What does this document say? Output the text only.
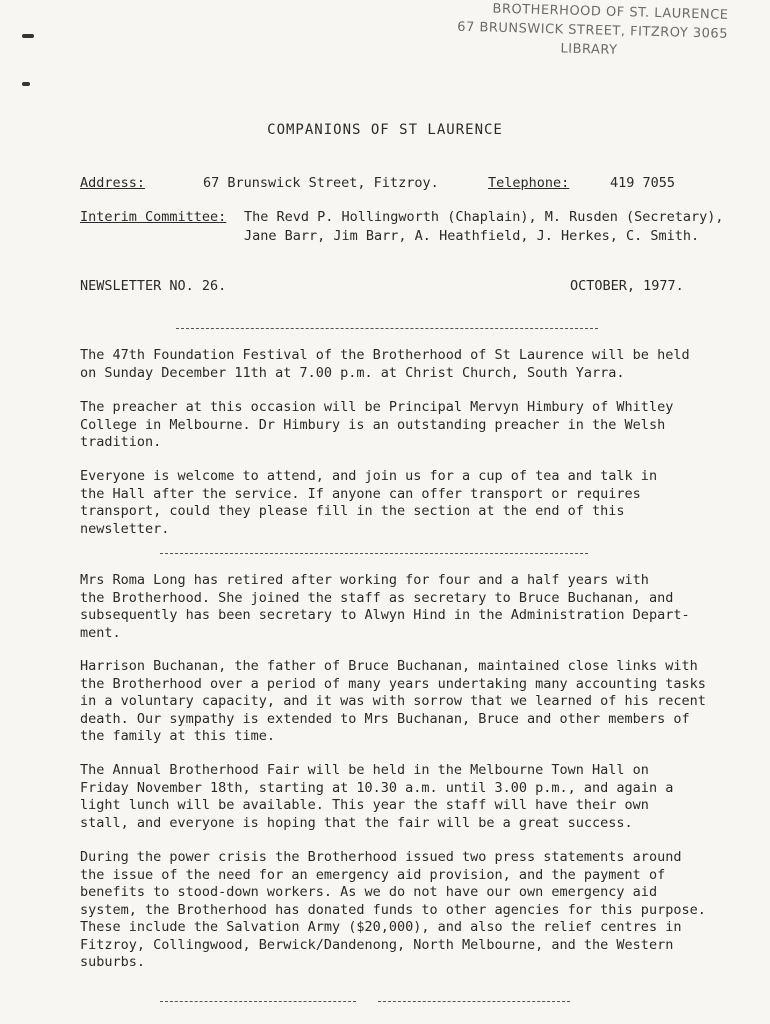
BROTHERHOOD OF ST. LAURENCE
67 BRUNSWICK STREET, FITZROY 3065
LIBRARY
COMPANIONS OF ST LAURENCE
Address:	67 Brunswick Street, Fitzroy.	Telephone:	419 7055
Interim Committee: The Revd P. Hollingworth (Chaplain), M. Rusden (Secretary),
Jane Barr, Jim Barr, A. Heathfield, J. Herkes, C. Smith.
NEWSLETTER NO. 26.	OCTOBER, 1977.
The 47th Foundation Festival of the Brotherhood of St Laurence will be held
on Sunday December 11th at 7.00 p.m. at Christ Church, South Yarra.
The preacher at this occasion will be Principal Mervyn Himbury of Whitley
College in Melbourne. Dr Himbury is an outstanding preacher in the Welsh
tradition.
Everyone is welcome to attend, and join us for a cup of tea and talk in
the Hall after the service. If anyone can offer transport or requires
transport, could they please fill in the section at the end of this newsletter.
Mrs Roma Long has retired after working for four and a half years with
the Brotherhood. She joined the staff as secretary to Bruce Buchanan, and
subsequently has been secretary to Alwyn Hind in the Administration Depart-
ment.
Harrison Buchanan, the father of Bruce Buchanan, maintained close links with
the Brotherhood over a period of many years undertaking many accounting tasks
in a voluntary capacity, and it was with sorrow that we learned of his recent
death. Our sympathy is extended to Mrs Buchanan, Bruce and other members of
the family at this time.
The Annual Brotherhood Fair will be held in the Melbourne Town Hall on
Friday November 18th, starting at 10.30 a.m. until 3.00 p.m., and again a
light lunch will be available. This year the staff will have their own
stall, and everyone is hoping that the fair will be a great success.
During the power crisis the Brotherhood issued two press statements around
the issue of the need for an emergency aid provision, and the payment of
benefits to stood-down workers. As we do not have our own emergency aid
system, the Brotherhood has donated funds to other agencies for this purpose.
These include the Salvation Army ($20,000), and also the relief centres in
Fitzroy, Collingwood, Berwick/Dandenong, North Melbourne, and the Western
suburbs.
